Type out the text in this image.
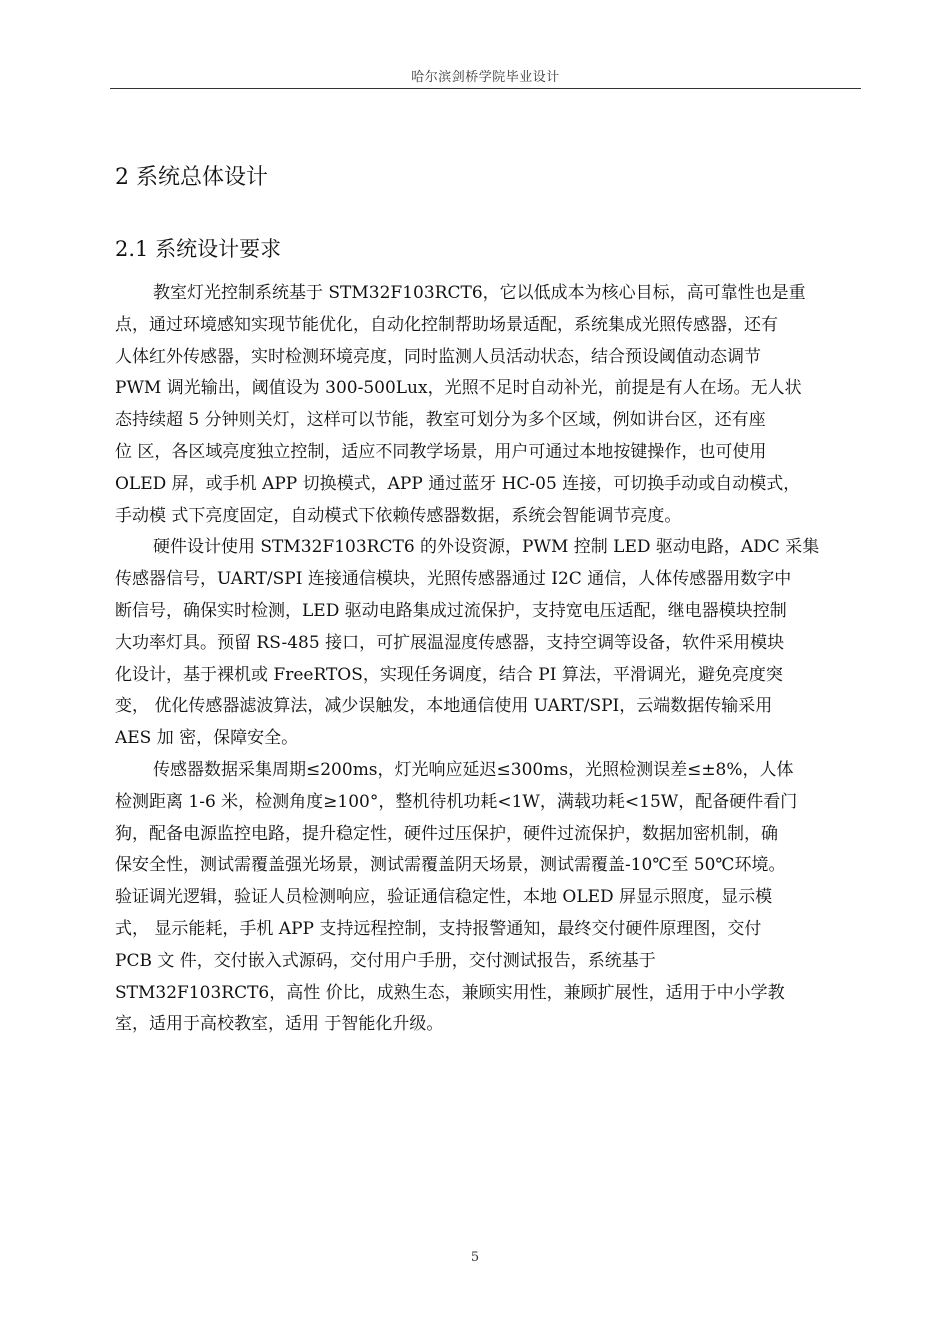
哈尔滨剑桥学院毕业设计
2 系统总体设计
2.1 系统设计要求
教室灯光控制系统基于 STM32F103RCT6，它以低成本为核心目标，高可靠性也是重
点，通过环境感知实现节能优化，自动化控制帮助场景适配，系统集成光照传感器，还有
人体红外传感器，实时检测环境亮度，同时监测人员活动状态，结合预设阈值动态调节
PWM 调光输出，阈值设为 300-500Lux，光照不足时自动补光，前提是有人在场。无人状
态持续超 5 分钟则关灯，这样可以节能，教室可划分为多个区域，例如讲台区，还有座
位 区，各区域亮度独立控制，适应不同教学场景，用户可通过本地按键操作，也可使用
OLED 屏，或手机 APP 切换模式，APP 通过蓝牙 HC-05 连接，可切换手动或自动模式，
手动模 式下亮度固定，自动模式下依赖传感器数据，系统会智能调节亮度。
硬件设计使用 STM32F103RCT6 的外设资源，PWM 控制 LED 驱动电路，ADC 采集
传感器信号，UART/SPI 连接通信模块，光照传感器通过 I2C 通信，人体传感器用数字中
断信号，确保实时检测，LED 驱动电路集成过流保护，支持宽电压适配，继电器模块控制
大功率灯具。预留 RS-485 接口，可扩展温湿度传感器，支持空调等设备，软件采用模块
化设计，基于裸机或 FreeRTOS，实现任务调度，结合 PI 算法，平滑调光，避免亮度突
变， 优化传感器滤波算法，减少误触发，本地通信使用 UART/SPI，云端数据传输采用
AES 加 密，保障安全。
传感器数据采集周期≤200ms，灯光响应延迟≤300ms，光照检测误差≤±8%，人体
检测距离 1-6 米，检测角度≥100°，整机待机功耗<1W，满载功耗<15W，配备硬件看门
狗，配备电源监控电路，提升稳定性，硬件过压保护，硬件过流保护，数据加密机制，确
保安全性，测试需覆盖强光场景，测试需覆盖阴天场景，测试需覆盖-10℃至 50℃环境。
验证调光逻辑，验证人员检测响应，验证通信稳定性，本地 OLED 屏显示照度，显示模
式， 显示能耗，手机 APP 支持远程控制，支持报警通知，最终交付硬件原理图，交付
PCB 文 件，交付嵌入式源码，交付用户手册，交付测试报告，系统基于
STM32F103RCT6，高性 价比，成熟生态，兼顾实用性，兼顾扩展性，适用于中小学教
室，适用于高校教室，适用 于智能化升级。
5
